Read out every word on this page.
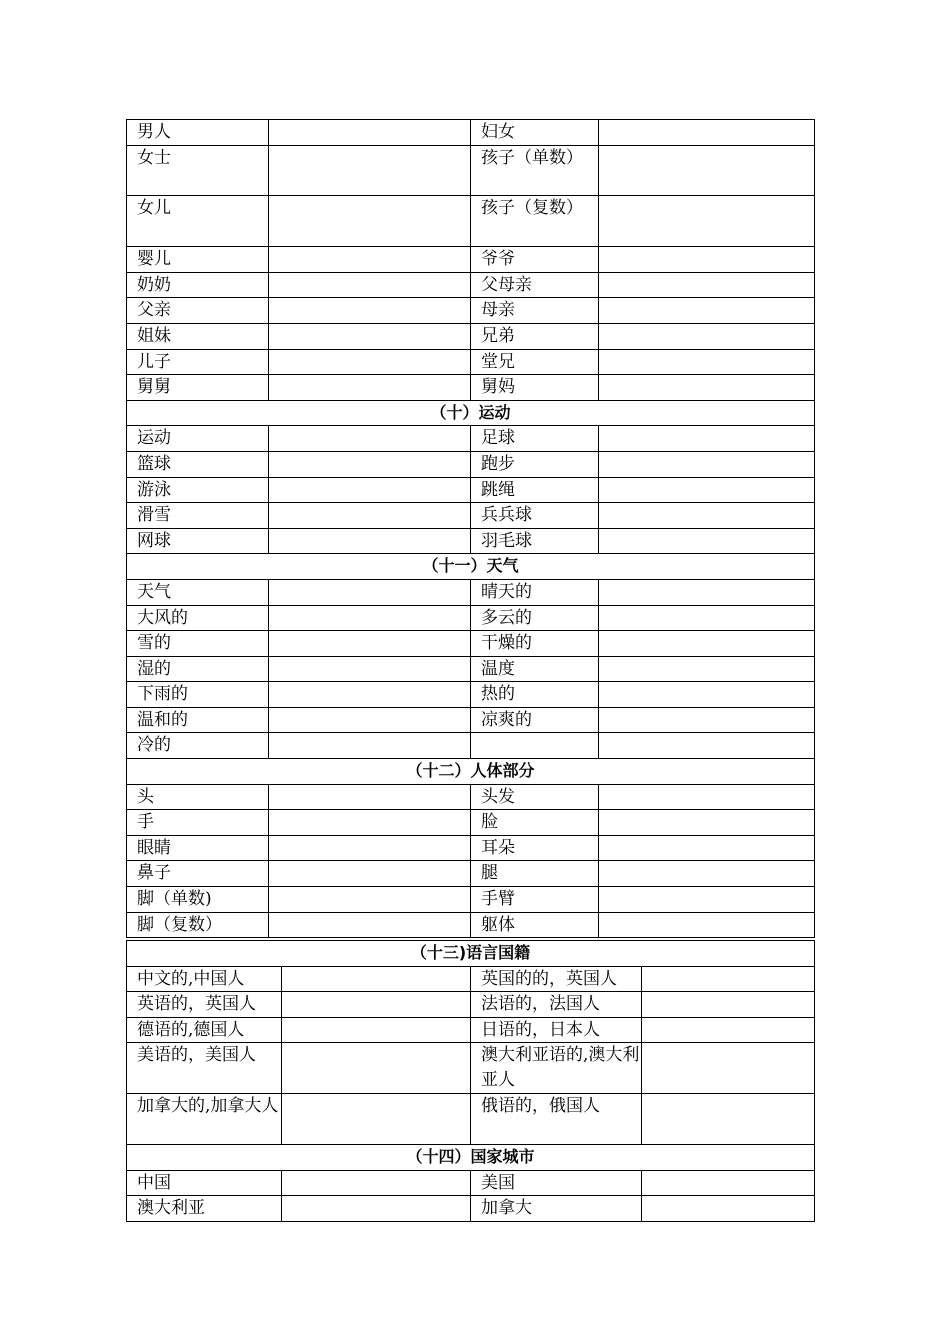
男人		妇女	
女士		孩子（单数）	
女儿		孩子（复数）	
婴儿		爷爷	
奶奶		父母亲	
父亲		母亲	
姐妹		兄弟	
儿子		堂兄	
舅舅		舅妈	
（十）运动			
运动		足球	
篮球		跑步	
游泳		跳绳	
滑雪		兵兵球	
网球		羽毛球	
（十一）天气			
天气		晴天的	
大风的		多云的	
雪的		干燥的	
湿的		温度	
下雨的		热的	
温和的		凉爽的	
冷的			
（十二）人体部分			
头		头发	
手		脸	
眼睛		耳朵	
鼻子		腿	
脚（单数)		手臂	
脚（复数）		躯体	
（十三)语言国籍			
中文的,中国人		英国的的，英国人	
英语的，英国人		法语的，法国人	
德语的,德国人		日语的，日本人	
美语的，美国人		澳大利亚语的,澳大利亚人	
加拿大的,加拿大人		俄语的，俄国人	
（十四）国家城市			
中国		美国	
澳大利亚		加拿大	
